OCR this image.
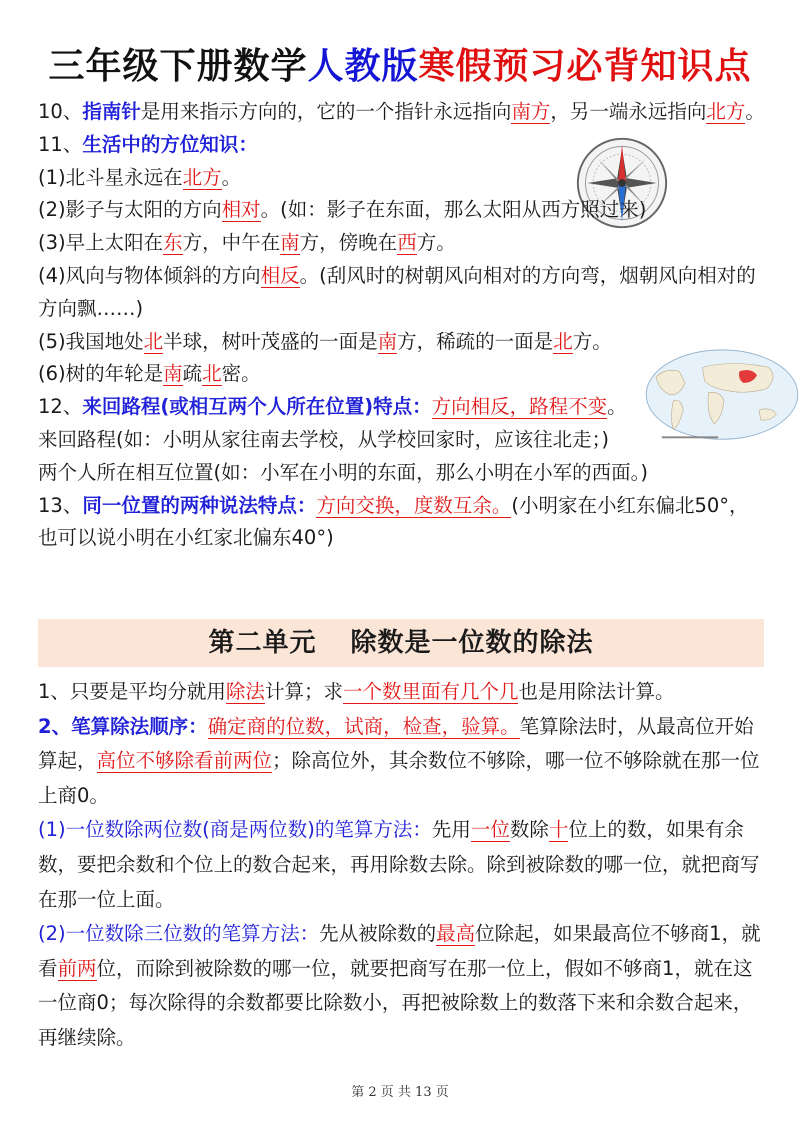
三年级下册数学人教版寒假预习必背知识点

10、指南针是用来指示方向的，它的一个指针永远指向南方，另一端永远指向北方。

11、生活中的方位知识：

(1)北斗星永远在北方。

(2)影子与太阳的方向相对。(如：影子在东面，那么太阳从西方照过来)

(3)早上太阳在东方，中午在南方，傍晚在西方。

(4)风向与物体倾斜的方向相反。(刮风时的树朝风向相对的方向弯，烟朝风向相对的方向飘……)

(5)我国地处北半球，树叶茂盛的一面是南方，稀疏的一面是北方。

(6)树的年轮是南疏北密。

12、来回路程(或相互两个人所在位置)特点：方向相反，路程不变。

来回路程(如：小明从家往南去学校，从学校回家时，应该往北走；)

两个人所在相互位置(如：小军在小明的东面，那么小明在小军的西面。)

13、同一位置的两种说法特点：方向交换，度数互余。(小明家在小红东偏北50°，也可以说小明在小红家北偏东40°)

第二单元 除数是一位数的除法

1、只要是平均分就用除法计算；求一个数里面有几个几也是用除法计算。

2、笔算除法顺序：确定商的位数，试商，检查，验算。笔算除法时，从最高位开始算起，高位不够除看前两位；除高位外，其余数位不够除，哪一位不够除就在那一位上商0。

(1)一位数除两位数(商是两位数)的笔算方法：先用一位数除十位上的数，如果有余数，要把余数和个位上的数合起来，再用除数去除。除到被除数的哪一位，就把商写在那一位上面。

(2)一位数除三位数的笔算方法：先从被除数的最高位除起，如果最高位不够商1，就看前两位，而除到被除数的哪一位，就要把商写在那一位上，假如不够商1，就在这一位商0；每次除得的余数都要比除数小，再把被除数上的数落下来和余数合起来，再继续除。

第 2 页 共 13 页
